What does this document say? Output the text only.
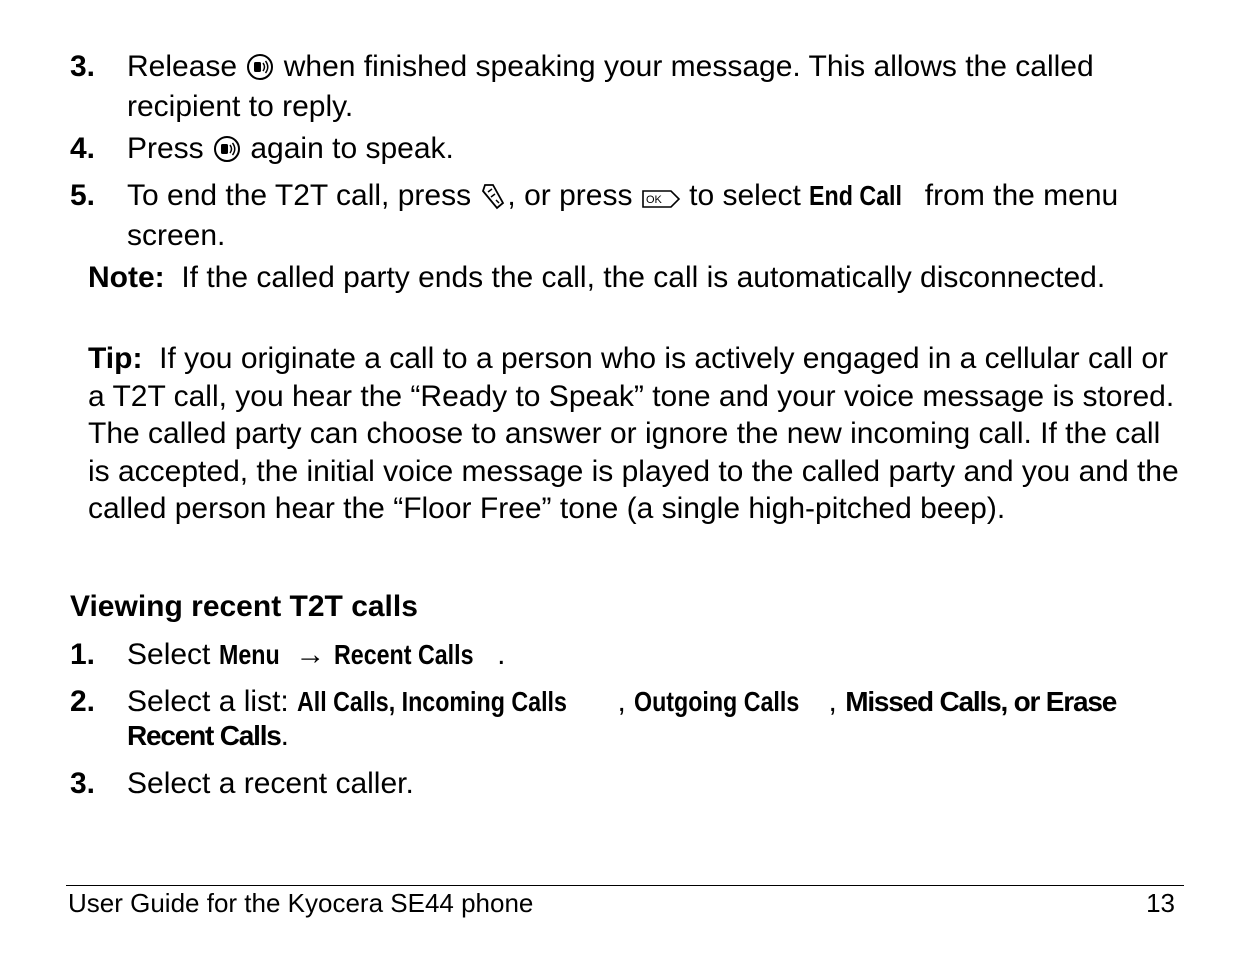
3. Release  when finished speaking your message. This allows the called recipient to reply.
4. Press  again to speak.
5. To end the T2T call, press , or press OK to select End Call from the menu screen.
Note: If the called party ends the call, the call is automatically disconnected.
Tip: If you originate a call to a person who is actively engaged in a cellular call or a T2T call, you hear the “Ready to Speak” tone and your voice message is stored. The called party can choose to answer or ignore the new incoming call. If the call is accepted, the initial voice message is played to the called party and you and the called person hear the “Floor Free” tone (a single high-pitched beep).
Viewing recent T2T calls
1. Select Menu → Recent Calls .
2. Select a list: All Calls, Incoming Calls , Outgoing Calls , Missed Calls, or Erase Recent Calls.
3. Select a recent caller.
User Guide for the Kyocera SE44 phone	13
